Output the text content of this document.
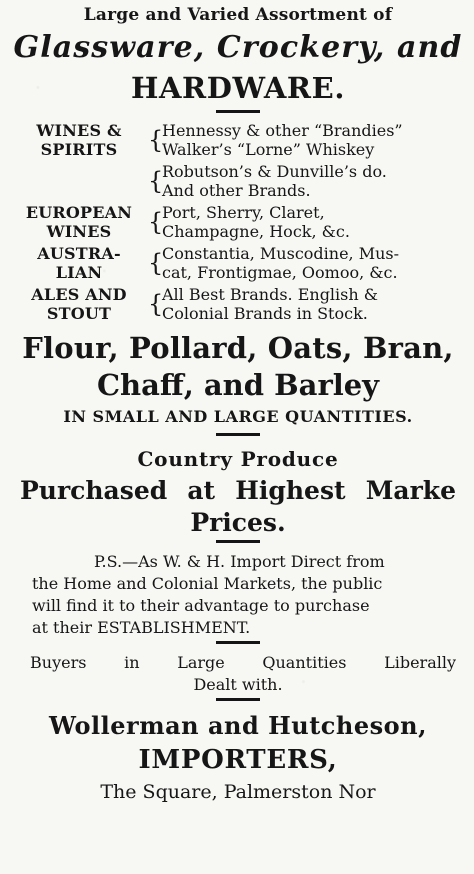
Large and Varied Assortment of
Glassware, Crockery, and
HARDWARE.
WINES &
SPIRITS	{
Hennessy & other “Brandies”
Walker’s “Lorne” Whiskey
{
Robutson’s & Dunville’s do.
And other Brands.
EUROPEAN
WINES	{
Port, Sherry, Claret,
Champagne, Hock, &c.
AUSTRA-
LIAN	{
Constantia, Muscodine, Mus-
cat, Frontigmae, Oomoo, &c.
ALES AND
STOUT	{
All Best Brands. English &
Colonial Brands in Stock.
Flour, Pollard, Oats, Bran,
Chaff, and Barley
IN SMALL AND LARGE QUANTITIES.
Country Produce
Purchased at Highest Marke
Prices.
P.S.—As W. & H. Import Direct from
the Home and Colonial Markets, the public
will find it to their advantage to purchase
at their ESTABLISHMENT.
Buyers in Large Quantities Liberally
Dealt with.
Wollerman and Hutcheson,
IMPORTERS,
The Square, Palmerston Nor
